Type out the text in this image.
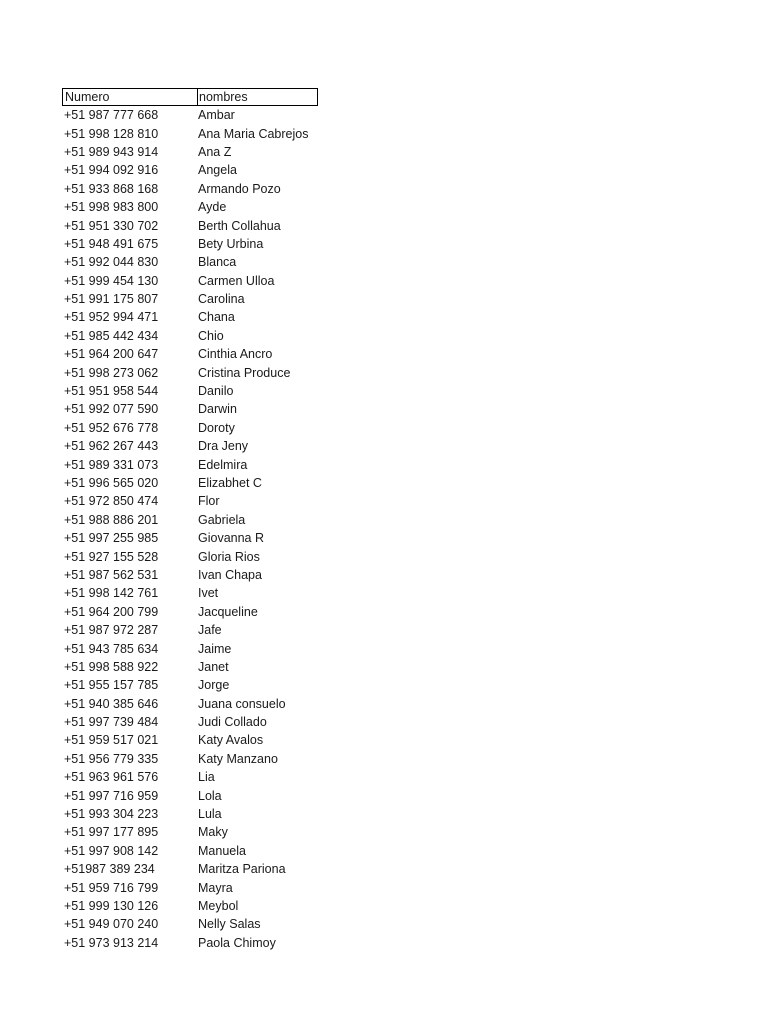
Numero	nombres
+51 987 777 668	Ambar
+51 998 128 810	Ana Maria Cabrejos
+51 989 943 914	Ana Z
+51 994 092 916	Angela
+51 933 868 168	Armando Pozo
+51 998 983 800	Ayde
+51 951 330 702	Berth Collahua
+51 948 491 675	Bety Urbina
+51 992 044 830	Blanca
+51 999 454 130	Carmen Ulloa
+51 991 175 807	Carolina
+51 952 994 471	Chana
+51 985 442 434	Chio
+51 964 200 647	Cinthia Ancro
+51 998 273 062	Cristina Produce
+51 951 958 544	Danilo
+51 992 077 590	Darwin
+51 952 676 778	Doroty
+51 962 267 443	Dra Jeny
+51 989 331 073	Edelmira
+51 996 565 020	Elizabhet C
+51 972 850 474	Flor
+51 988 886 201	Gabriela
+51 997 255 985	Giovanna R
+51 927 155 528	Gloria Rios
+51 987 562 531	Ivan Chapa
+51 998 142 761	Ivet
+51 964 200 799	Jacqueline
+51 987 972 287	Jafe
+51 943 785 634	Jaime
+51 998 588 922	Janet
+51 955 157 785	Jorge
+51 940 385 646	Juana consuelo
+51 997 739 484	Judi Collado
+51 959 517 021	Katy Avalos
+51 956 779 335	Katy Manzano
+51 963 961 576	Lia
+51 997 716 959	Lola
+51 993 304 223	Lula
+51 997 177 895	Maky
+51 997 908 142	Manuela
+51987 389 234	Maritza Pariona
+51 959 716 799	Mayra
+51 999 130 126	Meybol
+51 949 070 240	Nelly Salas
+51 973 913 214	Paola Chimoy
